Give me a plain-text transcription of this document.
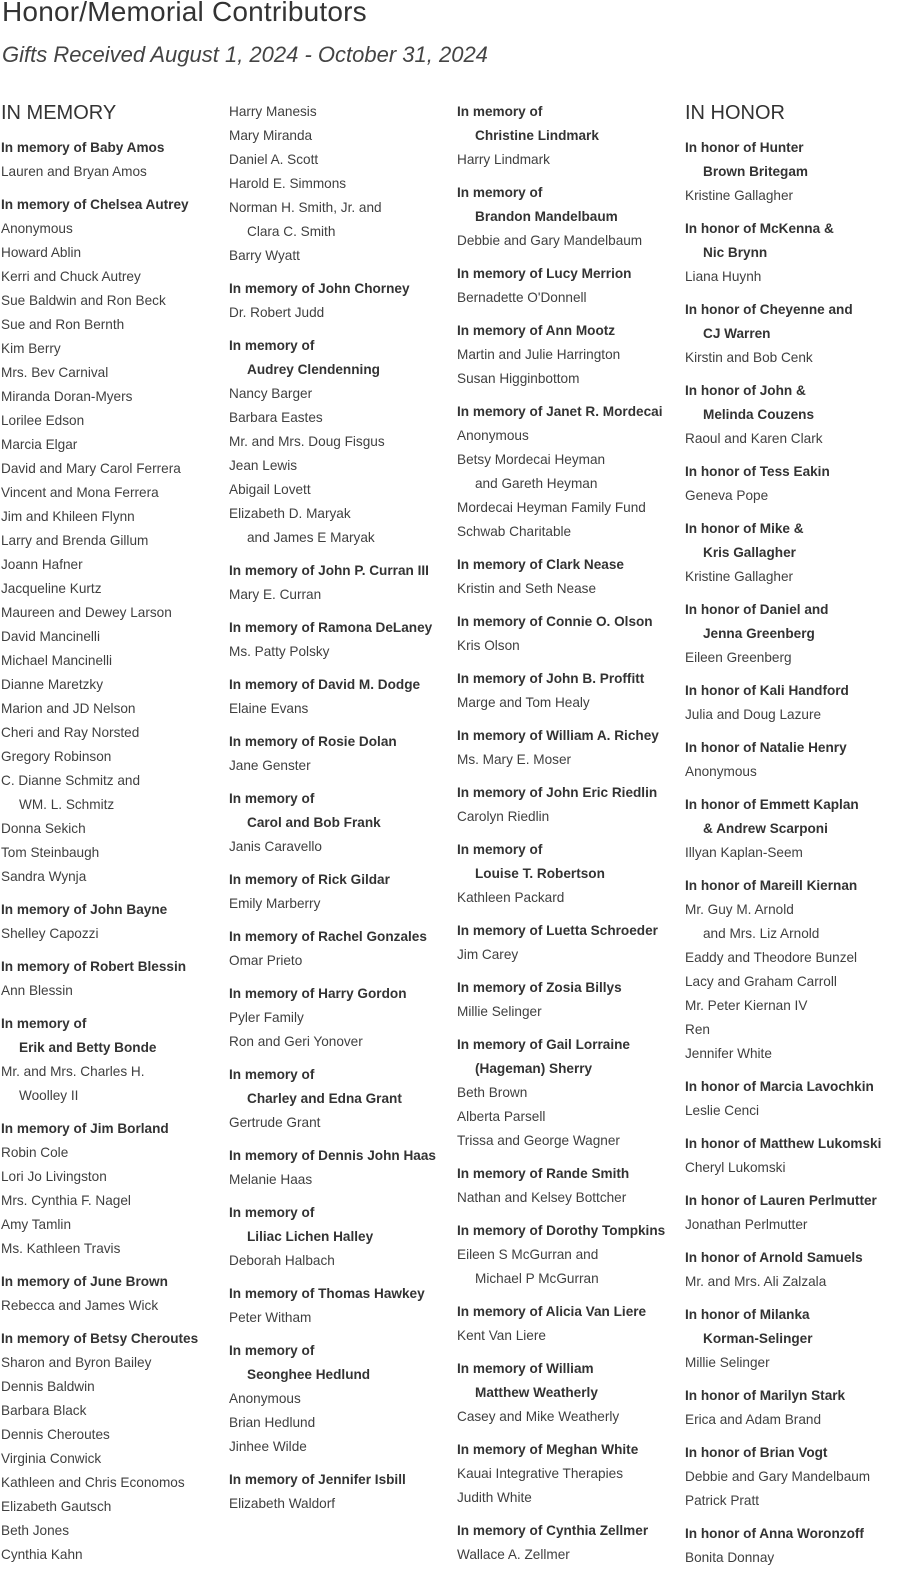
Honor/Memorial Contributors
Gifts Received August 1, 2024 - October 31, 2024
IN MEMORY
In memory of Baby Amos
Lauren and Bryan Amos
In memory of Chelsea Autrey
Anonymous
Howard Ablin
Kerri and Chuck Autrey
Sue Baldwin and Ron Beck
Sue and Ron Bernth
Kim Berry
Mrs. Bev Carnival
Miranda Doran-Myers
Lorilee Edson
Marcia Elgar
David and Mary Carol Ferrera
Vincent and Mona Ferrera
Jim and Khileen Flynn
Larry and Brenda Gillum
Joann Hafner
Jacqueline Kurtz
Maureen and Dewey Larson
David Mancinelli
Michael Mancinelli
Dianne Maretzky
Marion and JD Nelson
Cheri and Ray Norsted
Gregory Robinson
C. Dianne Schmitz and
WM. L. Schmitz
Donna Sekich
Tom Steinbaugh
Sandra Wynja
In memory of John Bayne
Shelley Capozzi
In memory of Robert Blessin
Ann Blessin
In memory of
Erik and Betty Bonde
Mr. and Mrs. Charles H.
Woolley II
In memory of Jim Borland
Robin Cole
Lori Jo Livingston
Mrs. Cynthia F. Nagel
Amy Tamlin
Ms. Kathleen Travis
In memory of June Brown
Rebecca and James Wick
In memory of Betsy Cheroutes
Sharon and Byron Bailey
Dennis Baldwin
Barbara Black
Dennis Cheroutes
Virginia Conwick
Kathleen and Chris Economos
Elizabeth Gautsch
Beth Jones
Cynthia Kahn
Harry Manesis
Mary Miranda
Daniel A. Scott
Harold E. Simmons
Norman H. Smith, Jr. and
Clara C. Smith
Barry Wyatt
In memory of John Chorney
Dr. Robert Judd
In memory of
Audrey Clendenning
Nancy Barger
Barbara Eastes
Mr. and Mrs. Doug Fisgus
Jean Lewis
Abigail Lovett
Elizabeth D. Maryak
and James E Maryak
In memory of John P. Curran III
Mary E. Curran
In memory of Ramona DeLaney
Ms. Patty Polsky
In memory of David M. Dodge
Elaine Evans
In memory of Rosie Dolan
Jane Genster
In memory of
Carol and Bob Frank
Janis Caravello
In memory of Rick Gildar
Emily Marberry
In memory of Rachel Gonzales
Omar Prieto
In memory of Harry Gordon
Pyler Family
Ron and Geri Yonover
In memory of
Charley and Edna Grant
Gertrude Grant
In memory of Dennis John Haas
Melanie Haas
In memory of
Liliac Lichen Halley
Deborah Halbach
In memory of Thomas Hawkey
Peter Witham
In memory of
Seonghee Hedlund
Anonymous
Brian Hedlund
Jinhee Wilde
In memory of Jennifer Isbill
Elizabeth Waldorf
In memory of
Christine Lindmark
Harry Lindmark
In memory of
Brandon Mandelbaum
Debbie and Gary Mandelbaum
In memory of Lucy Merrion
Bernadette O'Donnell
In memory of Ann Mootz
Martin and Julie Harrington
Susan Higginbottom
In memory of Janet R. Mordecai
Anonymous
Betsy Mordecai Heyman
and Gareth Heyman
Mordecai Heyman Family Fund
Schwab Charitable
In memory of Clark Nease
Kristin and Seth Nease
In memory of Connie O. Olson
Kris Olson
In memory of John B. Proffitt
Marge and Tom Healy
In memory of William A. Richey
Ms. Mary E. Moser
In memory of John Eric Riedlin
Carolyn Riedlin
In memory of
Louise T. Robertson
Kathleen Packard
In memory of Luetta Schroeder
Jim Carey
In memory of Zosia Billys
Millie Selinger
In memory of Gail Lorraine
(Hageman) Sherry
Beth Brown
Alberta Parsell
Trissa and George Wagner
In memory of Rande Smith
Nathan and Kelsey Bottcher
In memory of Dorothy Tompkins
Eileen S McGurran and
Michael P McGurran
In memory of Alicia Van Liere
Kent Van Liere
In memory of William
Matthew Weatherly
Casey and Mike Weatherly
In memory of Meghan White
Kauai Integrative Therapies
Judith White
In memory of Cynthia Zellmer
Wallace A. Zellmer
IN HONOR
In honor of Hunter
Brown Britegam
Kristine Gallagher
In honor of McKenna &
Nic Brynn
Liana Huynh
In honor of Cheyenne and
CJ Warren
Kirstin and Bob Cenk
In honor of John &
Melinda Couzens
Raoul and Karen Clark
In honor of Tess Eakin
Geneva Pope
In honor of Mike &
Kris Gallagher
Kristine Gallagher
In honor of Daniel and
Jenna Greenberg
Eileen Greenberg
In honor of Kali Handford
Julia and Doug Lazure
In honor of Natalie Henry
Anonymous
In honor of Emmett Kaplan
& Andrew Scarponi
Illyan Kaplan-Seem
In honor of Mareill Kiernan
Mr. Guy M. Arnold
and Mrs. Liz Arnold
Eaddy and Theodore Bunzel
Lacy and Graham Carroll
Mr. Peter Kiernan IV
Ren
Jennifer White
In honor of Marcia Lavochkin
Leslie Cenci
In honor of Matthew Lukomski
Cheryl Lukomski
In honor of Lauren Perlmutter
Jonathan Perlmutter
In honor of Arnold Samuels
Mr. and Mrs. Ali Zalzala
In honor of Milanka
Korman-Selinger
Millie Selinger
In honor of Marilyn Stark
Erica and Adam Brand
In honor of Brian Vogt
Debbie and Gary Mandelbaum
Patrick Pratt
In honor of Anna Woronzoff
Bonita Donnay
